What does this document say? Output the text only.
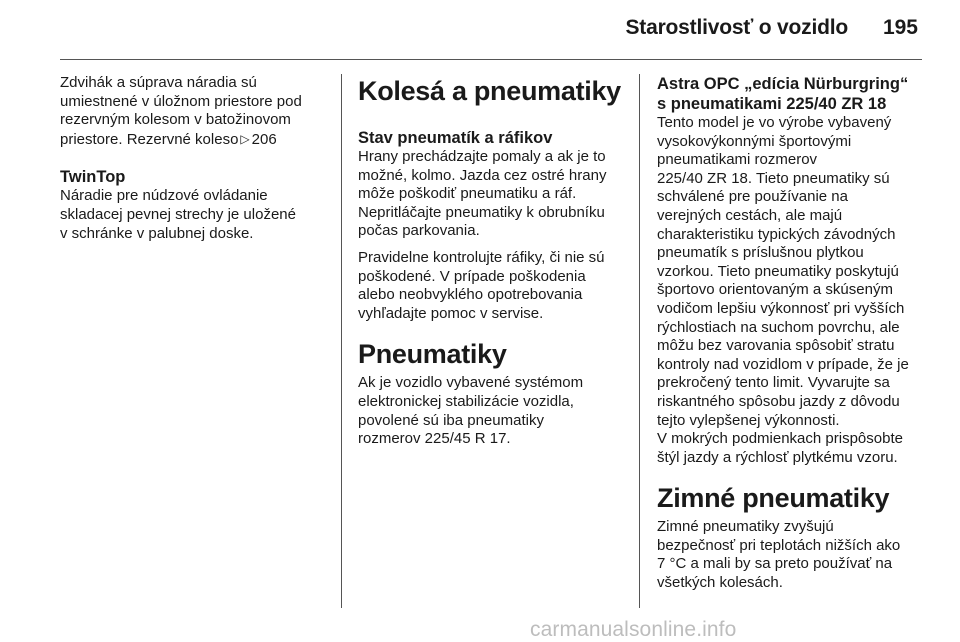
Starostlivosť o vozidlo 195

Zdvihák a súprava náradia sú
umiestnené v úložnom priestore pod
rezervným kolesom v batožinovom
priestore. Rezervné koleso ▷ 206

TwinTop

Náradie pre núdzové ovládanie
skladacej pevnej strechy je uložené
v schránke v palubnej doske.

Kolesá a pneumatiky
Stav pneumatík a ráfikov

Hrany prechádzajte pomaly a ak je to
možné, kolmo. Jazda cez ostré hrany
môže poškodiť pneumatiku a ráf.
Nepritláčajte pneumatiky k obrubníku
počas parkovania.

Pravidelne kontrolujte ráfiky, či nie sú
poškodené. V prípade poškodenia
alebo neobvyklého opotrebovania
vyhľadajte pomoc v servise.

Pneumatiky

Ak je vozidlo vybavené systémom
elektronickej stabilizácie vozidla,
povolené sú iba pneumatiky
rozmerov 225/45 R 17.

Astra OPC „edícia Nürburgring“
s pneumatikami 225/40 ZR 18

Tento model je vo výrobe vybavený
vysokovýkonnými športovými
pneumatikami rozmerov
225/40 ZR 18. Tieto pneumatiky sú
schválené pre používanie na
verejných cestách, ale majú
charakteristiku typických závodných
pneumatík s príslušnou plytkou
vzorkou. Tieto pneumatiky poskytujú
športovo orientovaným a skúseným
vodičom lepšiu výkonnosť pri vyšších
rýchlostiach na suchom povrchu, ale
môžu bez varovania spôsobiť stratu
kontroly nad vozidlom v prípade, že je
prekročený tento limit. Vyvarujte sa
riskantného spôsobu jazdy z dôvodu
tejto vylepšenej výkonnosti.
V mokrých podmienkach prispôsobte
štýl jazdy a rýchlosť plytkému vzoru.

Zimné pneumatiky

Zimné pneumatiky zvyšujú
bezpečnosť pri teplotách nižších ako
7 °C a mali by sa preto používať na
všetkých kolesách.

carmanualsonline.info
